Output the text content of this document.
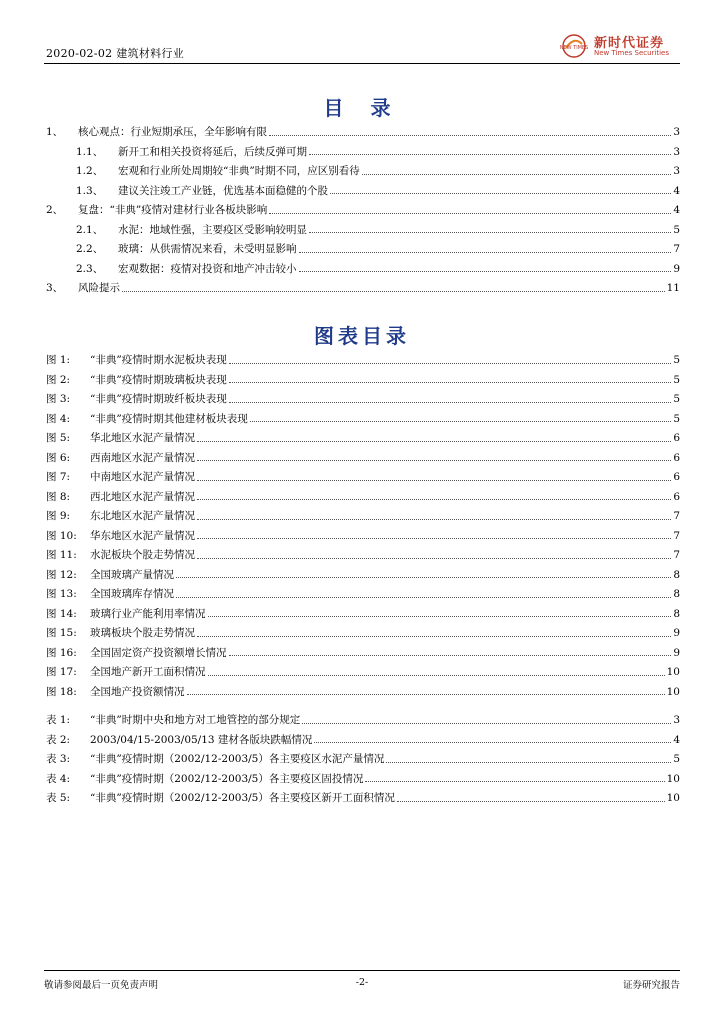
2020-02-02 建筑材料行业	NEW TIMES 新时代证券
New Times Securities
目 录
1、	核心观点：行业短期承压，全年影响有限	3
1.1、	新开工和相关投资将延后，后续反弹可期	3
1.2、	宏观和行业所处周期较“非典”时期不同，应区别看待	3
1.3、	建议关注竣工产业链，优选基本面稳健的个股	4
2、	复盘：“非典”疫情对建材行业各板块影响	4
2.1、	水泥：地域性强，主要疫区受影响较明显	5
2.2、	玻璃：从供需情况来看，未受明显影响	7
2.3、	宏观数据：疫情对投资和地产冲击较小	9
3、	风险提示	11
图表目录
图 1:	“非典”疫情时期水泥板块表现	5
图 2:	“非典”疫情时期玻璃板块表现	5
图 3:	“非典”疫情时期玻纤板块表现	5
图 4:	“非典”疫情时期其他建材板块表现	5
图 5:	华北地区水泥产量情况	6
图 6:	西南地区水泥产量情况	6
图 7:	中南地区水泥产量情况	6
图 8:	西北地区水泥产量情况	6
图 9:	东北地区水泥产量情况	7
图 10:	华东地区水泥产量情况	7
图 11:	水泥板块个股走势情况	7
图 12:	全国玻璃产量情况	8
图 13:	全国玻璃库存情况	8
图 14:	玻璃行业产能利用率情况	8
图 15:	玻璃板块个股走势情况	9
图 16:	全国固定资产投资额增长情况	9
图 17:	全国地产新开工面积情况	10
图 18:	全国地产投资额情况	10
表 1:	“非典”时期中央和地方对工地管控的部分规定	3
表 2:	2003/04/15-2003/05/13 建材各版块跌幅情况	4
表 3:	“非典”疫情时期（2002/12-2003/5）各主要疫区水泥产量情况	5
表 4:	“非典”疫情时期（2002/12-2003/5）各主要疫区固投情况	10
表 5:	“非典”疫情时期（2002/12-2003/5）各主要疫区新开工面积情况	10
敬请参阅最后一页免责声明	-2-	证券研究报告
